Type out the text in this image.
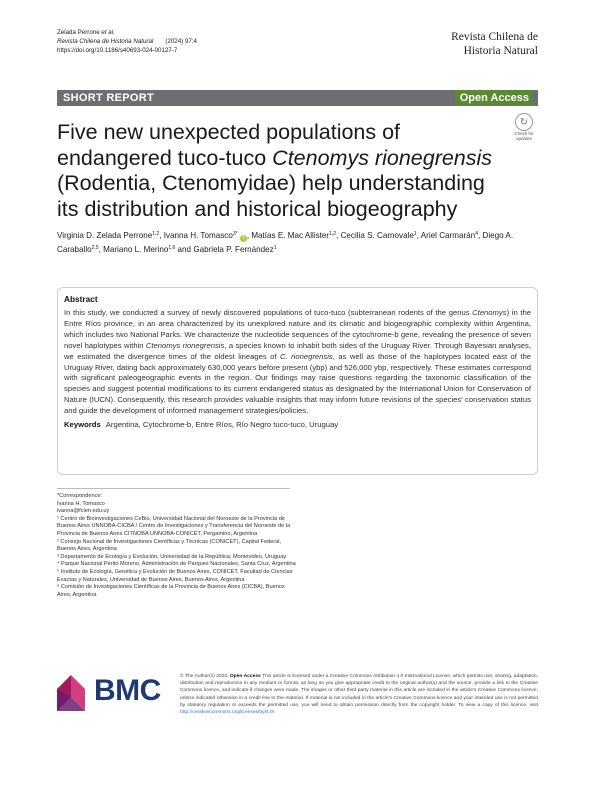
Zelada Perrone et al.
Revista Chilena de Historia Natural (2024) 97:4
https://doi.org/10.1186/s40693-024-00127-7
Revista Chilena de
Historia Natural
SHORT REPORT	Open Access
↻
Check for
updates
Five new unexpected populations of endangered tuco-tuco Ctenomys rionegrensis (Rodentia, Ctenomyidae) help understanding its distribution and historical biogeography
Virginia D. Zelada Perrone$^{1,2}$, Ivanna H. Tomasco$^{3*}$ i , Matías E. Mac Allister$^{1,2}$, Cecilia S. Carnovale$^1$, Ariel Carmarán$^4$, Diego A. Caraballo$^{2,5}$, Mariano L. Merino$^{1,6}$ and Gabriela P. Fernández$^1$
Abstract
In this study, we conducted a survey of newly discovered populations of tuco-tuco (subterranean rodents of the genus Ctenomys) in the Entre Ríos province, in an area characterized by its unexplored nature and its climatic and biogeographic complexity within Argentina, which includes two National Parks. We characterize the nucleotide sequences of the cytochrome-b gene, revealing the presence of seven novel haplotypes within Ctenomys rionegrensis, a species known to inhabit both sides of the Uruguay River. Through Bayesian analyses, we estimated the divergence times of the oldest lineages of C. rionegrensis, as well as those of the haplotypes located east of the Uruguay River, dating back approximately 630,000 years before present (ybp) and 526,000 ybp, respectively. These estimates correspond with significant paleogeographic events in the region. Our findings may raise questions regarding the taxonomic classification of the species and suggest potential modifications to its current endangered status as designated by the International Union for Conservation of Nature (IUCN). Consequently, this research provides valuable insights that may inform future revisions of the species' conservation status and guide the development of informed management strategies/policies.
Keywords Argentina, Cytochrome-b, Entre Ríos, Río Negro tuco-tuco, Uruguay
*Correspondence:
Ivanna H. Tomasco
ivanna@fcien.edu.uy
¹ Centro de Bioinvestigaciones CeBio, Universidad Nacional del Noroeste de la Provincia de Buenos Aires UNNOBA-CICBA / Centro de Investigaciones y Transferencia del Noroeste de la Provincia de Buenos Aires CITNOBA UNNOBA-CONICET, Pergamino, Argentina
² Consejo Nacional de Investigaciones Científicas y Técnicas (CONICET), Capital Federal, Buenos Aires, Argentina
³ Departamento de Ecología y Evolución, Universidad de la República, Montevideo, Uruguay
⁴ Parque Nacional Perito Moreno, Administración de Parques Nacionales, Santa Cruz, Argentina
⁵ Instituto de Ecología, Genética y Evolución de Buenos Aires, CONICET, Facultad de Ciencias Exactas y Naturales, Universidad de Buenos Aires, Buenos Aires, Argentina
⁶ Comisión de Investigaciones Científicas de la Provincia de Buenos Aires (CICBA), Buenos Aires, Argentina
BMC	© The Author(s) 2024. Open Access This article is licensed under a Creative Commons Attribution 4.0 International License, which permits use, sharing, adaptation, distribution and reproduction in any medium or format, as long as you give appropriate credit to the original author(s) and the source, provide a link to the Creative Commons licence, and indicate if changes were made. The images or other third party material in this article are included in the article's Creative Commons licence, unless indicated otherwise in a credit line to the material. If material is not included in the article's Creative Commons licence and your intended use is not permitted by statutory regulation or exceeds the permitted use, you will need to obtain permission directly from the copyright holder. To view a copy of this licence, visit http://creativecommons.org/licenses/by/4.0/.
